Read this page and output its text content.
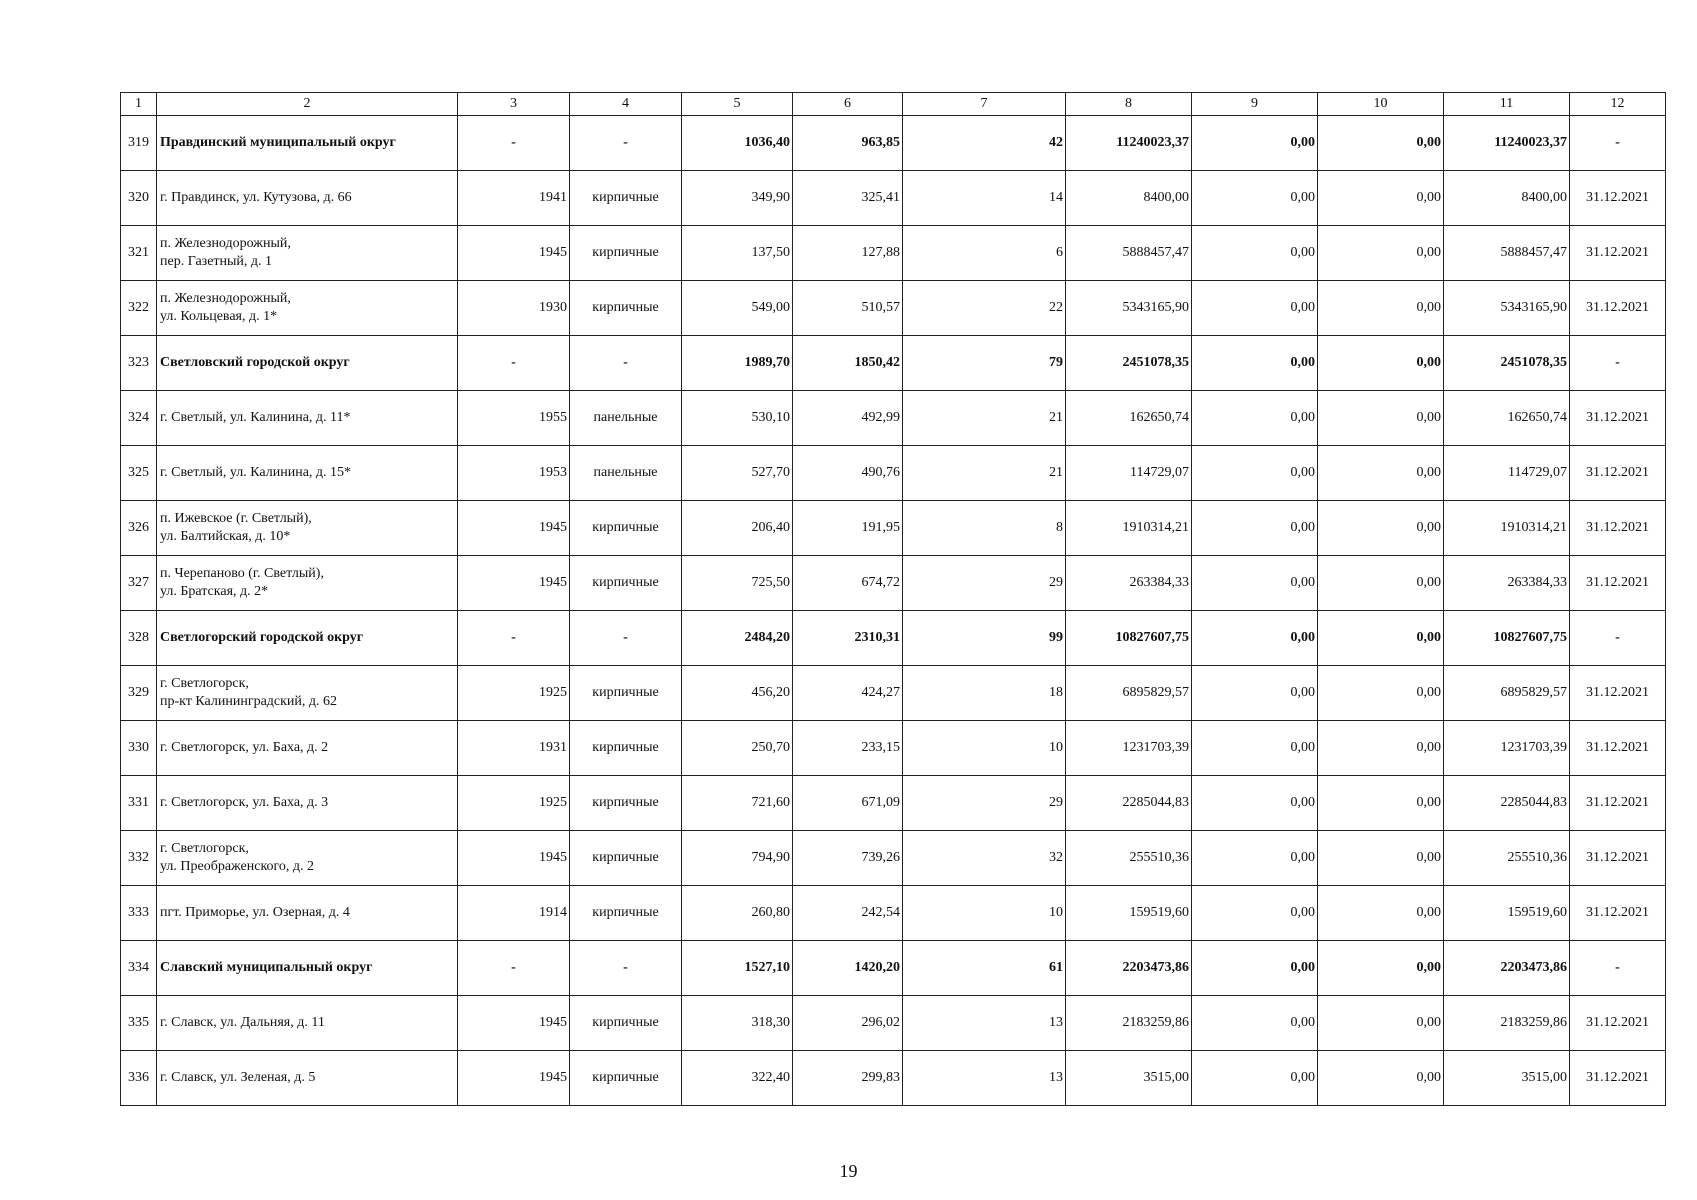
1	2	3	4	5	6	7	8	9	10	11	12
319	Правдинский муниципальный округ	-	-	1036,40	963,85	42	11240023,37	0,00	0,00	11240023,37	-
320	г. Правдинск, ул. Кутузова, д. 66	1941	кирпичные	349,90	325,41	14	8400,00	0,00	0,00	8400,00	31.12.2021
321	п. Железнодорожный,
пер. Газетный, д. 1	1945	кирпичные	137,50	127,88	6	5888457,47	0,00	0,00	5888457,47	31.12.2021
322	п. Железнодорожный,
ул. Кольцевая, д. 1*	1930	кирпичные	549,00	510,57	22	5343165,90	0,00	0,00	5343165,90	31.12.2021
323	Светловский городской округ	-	-	1989,70	1850,42	79	2451078,35	0,00	0,00	2451078,35	-
324	г. Светлый, ул. Калинина, д. 11*	1955	панельные	530,10	492,99	21	162650,74	0,00	0,00	162650,74	31.12.2021
325	г. Светлый, ул. Калинина, д. 15*	1953	панельные	527,70	490,76	21	114729,07	0,00	0,00	114729,07	31.12.2021
326	п. Ижевское (г. Светлый),
ул. Балтийская, д. 10*	1945	кирпичные	206,40	191,95	8	1910314,21	0,00	0,00	1910314,21	31.12.2021
327	п. Черепаново (г. Светлый),
ул. Братская, д. 2*	1945	кирпичные	725,50	674,72	29	263384,33	0,00	0,00	263384,33	31.12.2021
328	Светлогорский городской округ	-	-	2484,20	2310,31	99	10827607,75	0,00	0,00	10827607,75	-
329	г. Светлогорск,
пр-кт Калининградский, д. 62	1925	кирпичные	456,20	424,27	18	6895829,57	0,00	0,00	6895829,57	31.12.2021
330	г. Светлогорск, ул. Баха, д. 2	1931	кирпичные	250,70	233,15	10	1231703,39	0,00	0,00	1231703,39	31.12.2021
331	г. Светлогорск, ул. Баха, д. 3	1925	кирпичные	721,60	671,09	29	2285044,83	0,00	0,00	2285044,83	31.12.2021
332	г. Светлогорск,
ул. Преображенского, д. 2	1945	кирпичные	794,90	739,26	32	255510,36	0,00	0,00	255510,36	31.12.2021
333	пгт. Приморье, ул. Озерная, д. 4	1914	кирпичные	260,80	242,54	10	159519,60	0,00	0,00	159519,60	31.12.2021
334	Славский муниципальный округ	-	-	1527,10	1420,20	61	2203473,86	0,00	0,00	2203473,86	-
335	г. Славск, ул. Дальняя, д. 11	1945	кирпичные	318,30	296,02	13	2183259,86	0,00	0,00	2183259,86	31.12.2021
336	г. Славск, ул. Зеленая, д. 5	1945	кирпичные	322,40	299,83	13	3515,00	0,00	0,00	3515,00	31.12.2021
19
